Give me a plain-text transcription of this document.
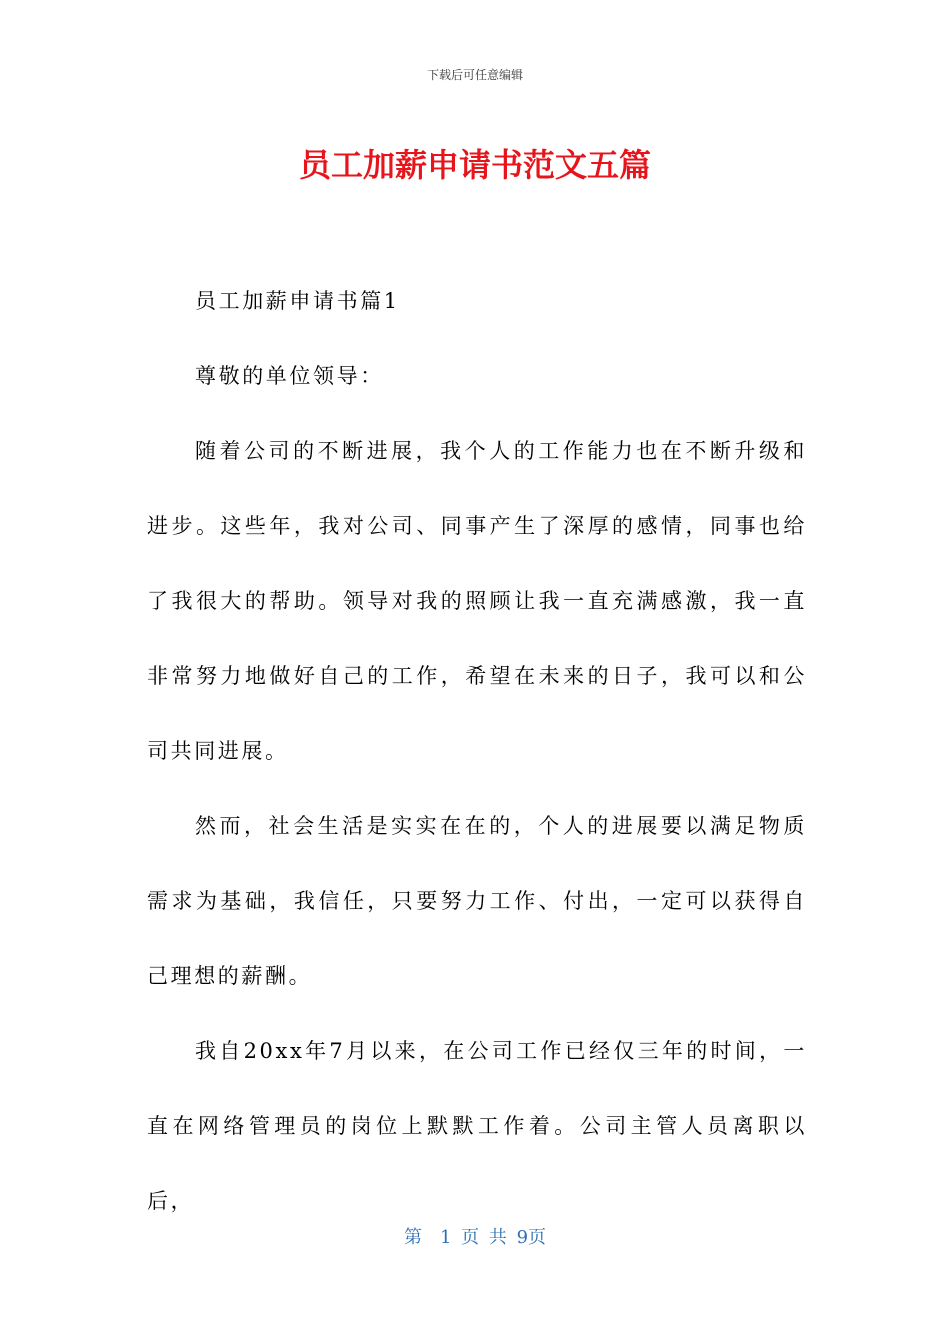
下载后可任意编辑
员工加薪申请书范文五篇

员工加薪申请书篇1

尊敬的单位领导：

随着公司的不断进展，我个人的工作能力也在不断升级和进步。这些年，我对公司、同事产生了深厚的感情，同事也给了我很大的帮助。领导对我的照顾让我一直充满感激，我一直非常努力地做好自己的工作，希望在未来的日子，我可以和公司共同进展。

然而，社会生活是实实在在的，个人的进展要以满足物质需求为基础，我信任，只要努力工作、付出，一定可以获得自己理想的薪酬。

我自20xx年7月以来，在公司工作已经仅三年的时间，一直在网络管理员的岗位上默默工作着。公司主管人员离职以后，

第　1 页 共 9页
